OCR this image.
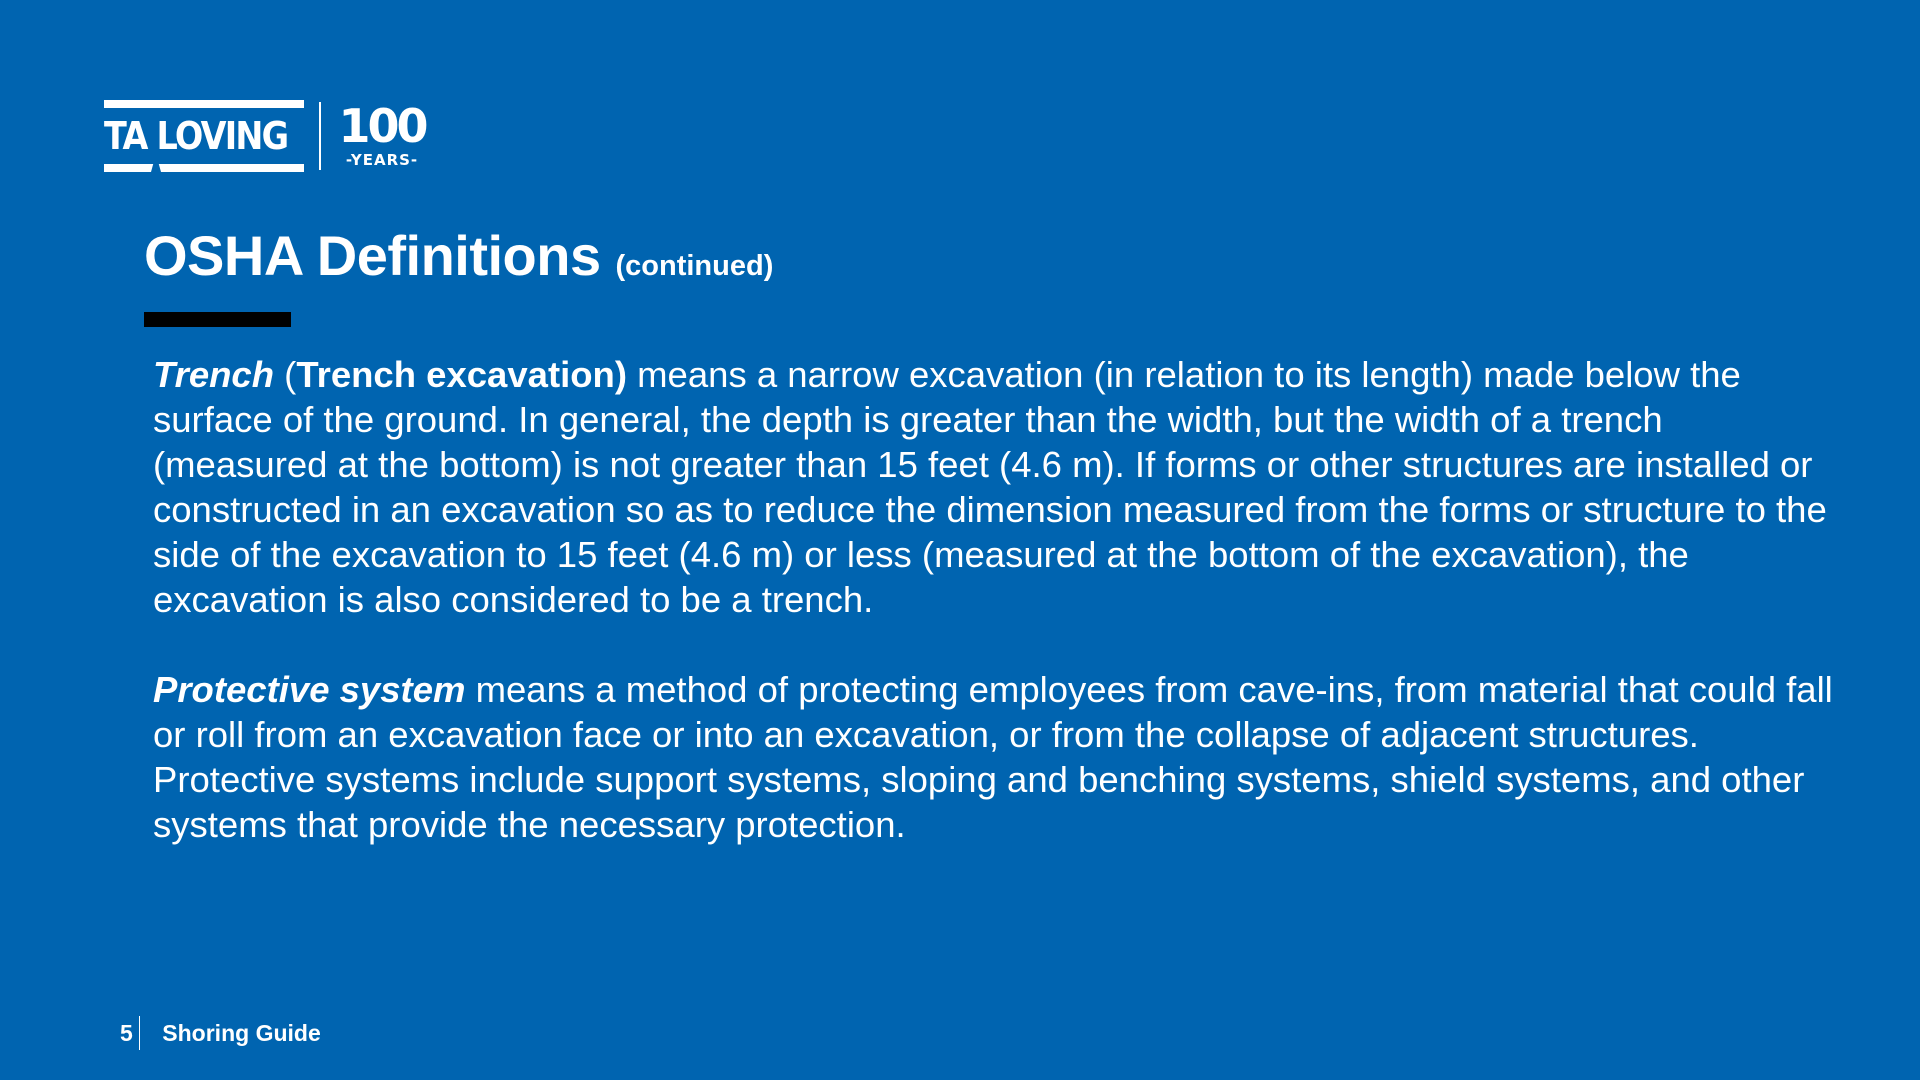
TA LOVING 100
-YEARS-
OSHA Definitions (continued)

Trench (Trench excavation) means a narrow excavation (in relation to its length) made below the surface of the ground. In general, the depth is greater than the width, but the width of a trench (measured at the bottom) is not greater than 15 feet (4.6 m). If forms or other structures are installed or constructed in an excavation so as to reduce the dimension measured from the forms or structure to the side of the excavation to 15 feet (4.6 m) or less (measured at the bottom of the excavation), the excavation is also considered to be a trench.

Protective system means a method of protecting employees from cave-ins, from material that could fall or roll from an excavation face or into an excavation, or from the collapse of adjacent structures. Protective systems include support systems, sloping and benching systems, shield systems, and other systems that provide the necessary protection.

5 Shoring Guide
